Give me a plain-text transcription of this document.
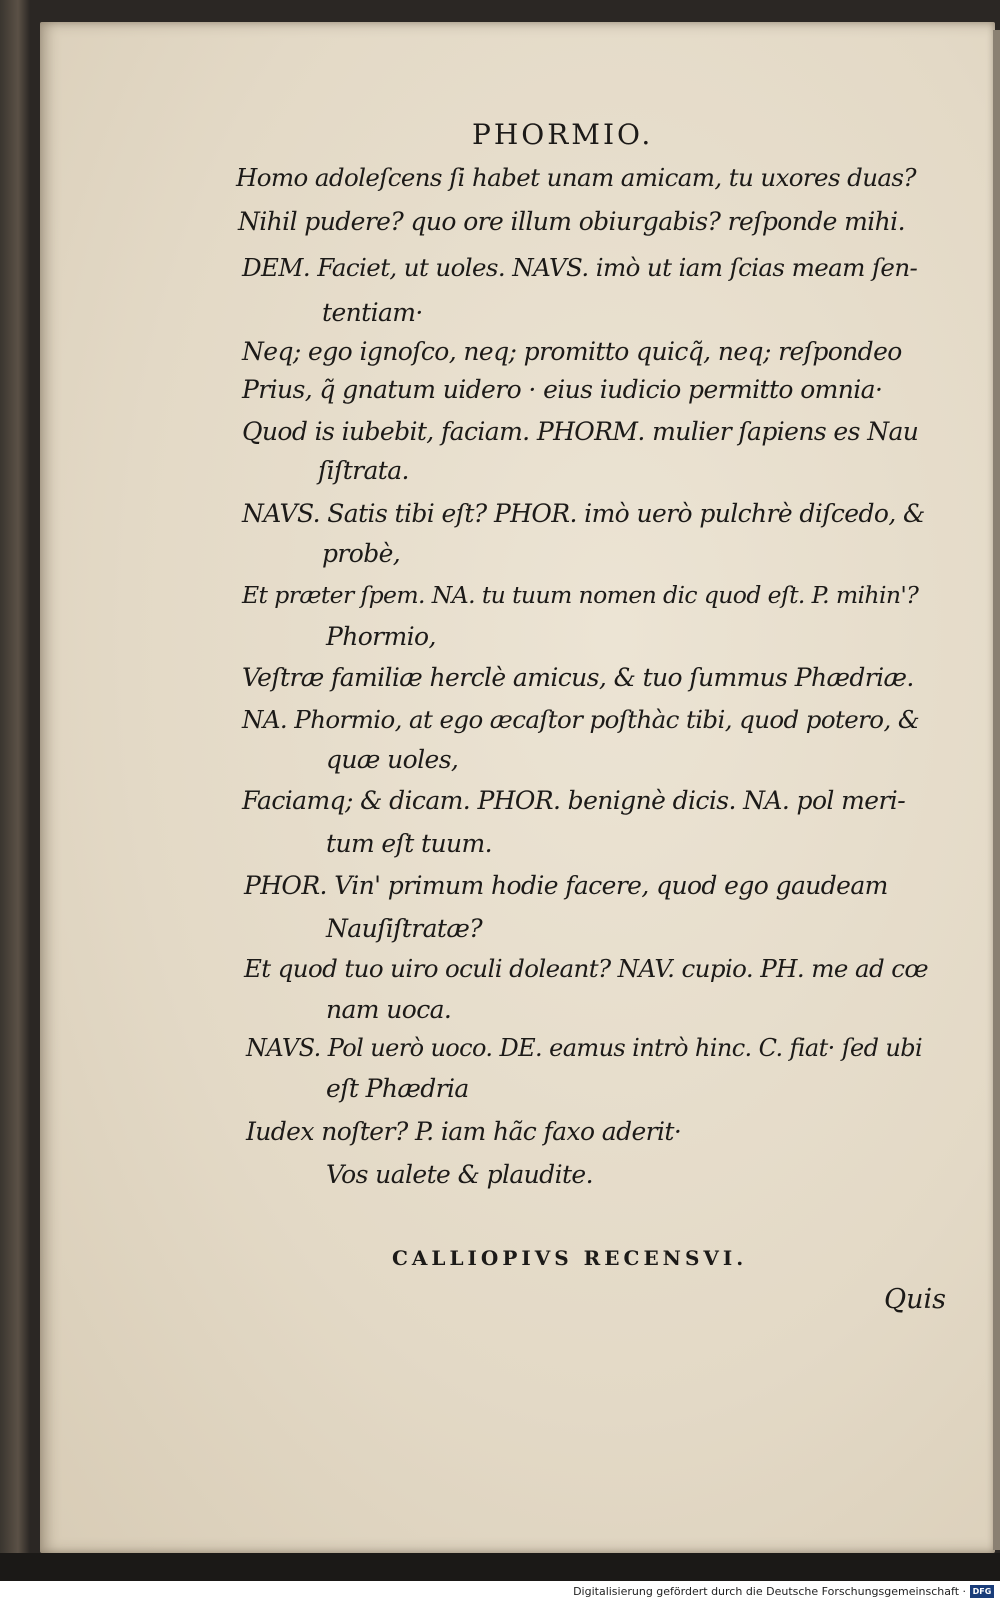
PHORMIO.
Homo adoleſcens ſi habet unam amicam, tu uxores duas?
Nihil pudere? quo ore illum obiurgabis? reſponde mihi.
DEM. Faciet, ut uoles. NAVS. imò ut iam ſcias meam ſen-
tentiam·
Neq; ego ignoſco, neq; promitto quicq̃, neq; reſpondeo
Prius, q̃ gnatum uidero · eius iudicio permitto omnia·
Quod is iubebit, faciam. PHORM. mulier ſapiens es Nau
ſiſtrata.
NAVS. Satis tibi eſt? PHOR. imò uerò pulchrè diſcedo, &
probè,
Et præter ſpem. NA. tu tuum nomen dic quod eſt. P. mihin'?
Phormio,
Veſtræ familiæ herclè amicus, & tuo ſummus Phædriæ.
NA. Phormio, at ego æcaſtor poſthàc tibi, quod potero, &
quæ uoles,
Faciamq; & dicam. PHOR. benignè dicis. NA. pol meri-
tum eſt tuum.
PHOR. Vin' primum hodie facere, quod ego gaudeam
Nauſiſtratæ?
Et quod tuo uiro oculi doleant? NAV. cupio. PH. me ad cœ
nam uoca.
NAVS. Pol uerò uoco. DE. eamus intrò hinc. C. fiat· ſed ubi
eſt Phædria
Iudex noſter? P. iam hãc faxo aderit·
Vos ualete & plaudite.
CALLIOPIVS RECENSVI.
Quis
Digitalisierung gefördert durch die Deutsche Forschungsgemeinschaft · DFG
